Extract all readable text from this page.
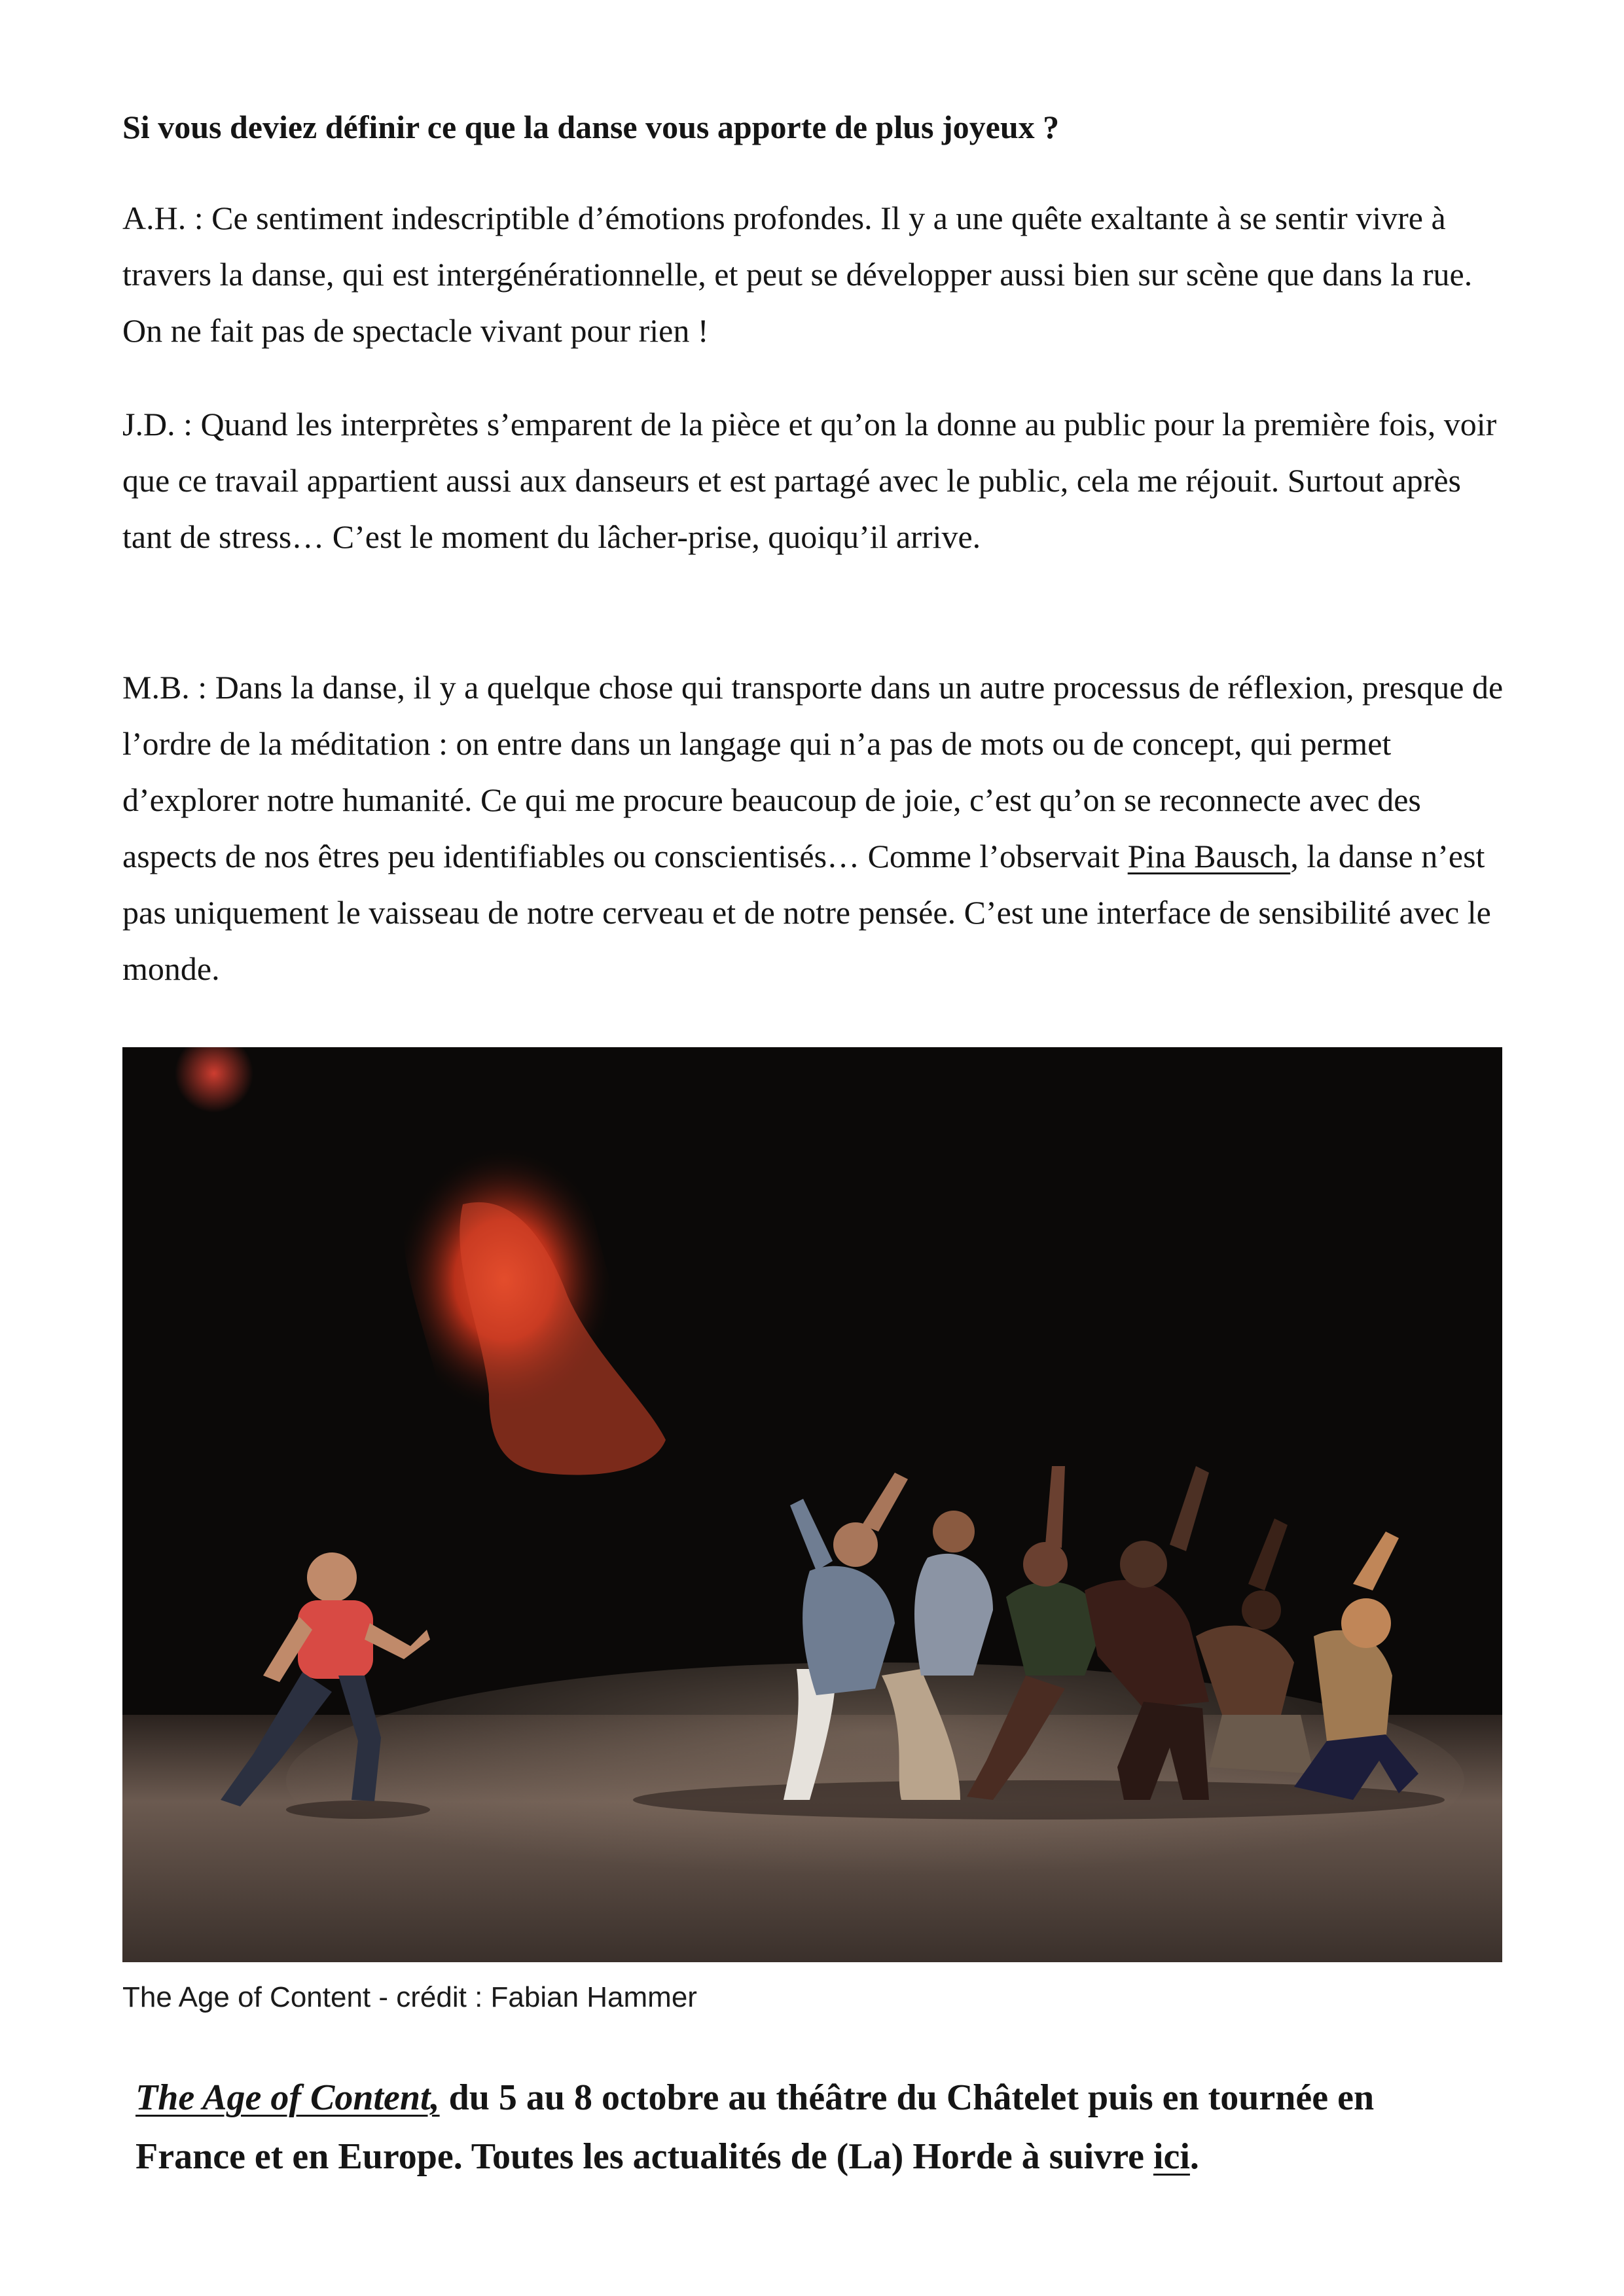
Si vous deviez définir ce que la danse vous apporte de plus joyeux ?

A.H. : Ce sentiment indescriptible d’émotions profondes. Il y a une quête exaltante à se sentir vivre à travers la danse, qui est intergénérationnelle, et peut se développer aussi bien sur scène que dans la rue. On ne fait pas de spectacle vivant pour rien !

J.D. : Quand les interprètes s’emparent de la pièce et qu’on la donne au public pour la première fois, voir que ce travail appartient aussi aux danseurs et est partagé avec le public, cela me réjouit. Surtout après tant de stress… C’est le moment du lâcher-prise, quoiqu’il arrive.

M.B. : Dans la danse, il y a quelque chose qui transporte dans un autre processus de réflexion, presque de l’ordre de la méditation : on entre dans un langage qui n’a pas de mots ou de concept, qui permet d’explorer notre humanité. Ce qui me procure beaucoup de joie, c’est qu’on se reconnecte avec des aspects de nos êtres peu identifiables ou conscientisés… Comme l’observait Pina Bausch, la danse n’est pas uniquement le vaisseau de notre cerveau et de notre pensée. C’est une interface de sensibilité avec le monde.

The Age of Content - crédit : Fabian Hammer

The Age of Content, du 5 au 8 octobre au théâtre du Châtelet puis en tournée en France et en Europe. Toutes les actualités de (La) Horde à suivre ici.
